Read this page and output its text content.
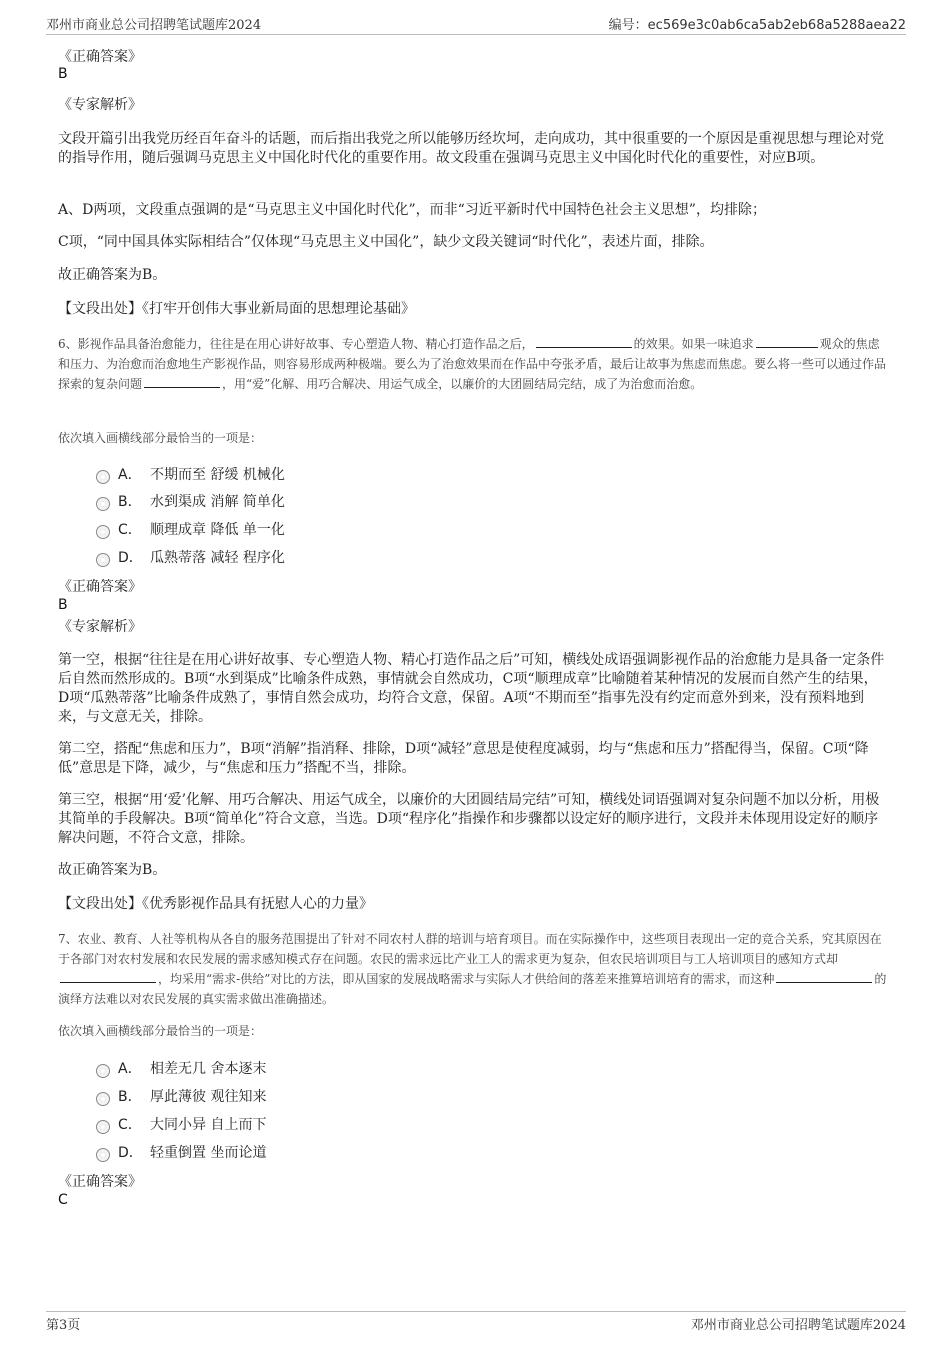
邓州市商业总公司招聘笔试题库2024	编号：ec569e3c0ab6ca5ab2eb68a5288aea22
《正确答案》
B
《专家解析》
文段开篇引出我党历经百年奋斗的话题，而后指出我党之所以能够历经坎坷，走向成功，其中很重要的一个原因是重视思想与理论对党的指导作用，随后强调马克思主义中国化时代化的重要作用。故文段重在强调马克思主义中国化时代化的重要性，对应B项。
A、D两项，文段重点强调的是“马克思主义中国化时代化”，而非“习近平新时代中国特色社会主义思想”，均排除；
C项，“同中国具体实际相结合”仅体现“马克思主义中国化”，缺少文段关键词“时代化”，表述片面，排除。
故正确答案为B。
【文段出处】《打牢开创伟大事业新局面的思想理论基础》
6、影视作品具备治愈能力，往往是在用心讲好故事、专心塑造人物、精心打造作品之后，	的效果。如果一味追求	观众的焦虑和压力、为治愈而治愈地生产影视作品，则容易形成两种极端。要么为了治愈效果而在作品中夸张矛盾，最后让故事为焦虑而焦虑。要么将一些可以通过作品探索的复杂问题	，用“爱”化解、用巧合解决、用运气成全，以廉价的大团圆结局完结，成了为治愈而治愈。
依次填入画横线部分最恰当的一项是：
A． 不期而至 舒缓 机械化
B． 水到渠成 消解 简单化
C． 顺理成章 降低 单一化
D． 瓜熟蒂落 减轻 程序化
《正确答案》
B
《专家解析》
第一空，根据“往往是在用心讲好故事、专心塑造人物、精心打造作品之后”可知，横线处成语强调影视作品的治愈能力是具备一定条件后自然而然形成的。B项“水到渠成”比喻条件成熟，事情就会自然成功，C项“顺理成章”比喻随着某种情况的发展而自然产生的结果，D项“瓜熟蒂落”比喻条件成熟了，事情自然会成功，均符合文意，保留。A项“不期而至”指事先没有约定而意外到来，没有预料地到来，与文意无关，排除。
第二空，搭配“焦虑和压力”，B项“消解”指消释、排除，D项“减轻”意思是使程度减弱，均与“焦虑和压力”搭配得当，保留。C项“降低”意思是下降，减少，与“焦虑和压力”搭配不当，排除。
第三空，根据“用‘爱’化解、用巧合解决、用运气成全，以廉价的大团圆结局完结”可知，横线处词语强调对复杂问题不加以分析，用极其简单的手段解决。B项“简单化”符合文意，当选。D项“程序化”指操作和步骤都以设定好的顺序进行，文段并未体现用设定好的顺序解决问题，不符合文意，排除。
故正确答案为B。
【文段出处】《优秀影视作品具有抚慰人心的力量》
7、农业、教育、人社等机构从各自的服务范围提出了针对不同农村人群的培训与培育项目。而在实际操作中，这些项目表现出一定的竞合关系，究其原因在于各部门对农村发展和农民发展的需求感知模式存在问题。农民的需求远比产业工人的需求更为复杂，但农民培训项目与工人培训项目的感知方式却，均采用“需求-供给”对比的方法，即从国家的发展战略需求与实际人才供给间的落差来推算培训培育的需求，而这种	的演绎方法难以对农民发展的真实需求做出准确描述。
依次填入画横线部分最恰当的一项是：
A． 相差无几 舍本逐末
B． 厚此薄彼 观往知来
C． 大同小异 自上而下
D． 轻重倒置 坐而论道
《正确答案》
C
第3页	邓州市商业总公司招聘笔试题库2024
